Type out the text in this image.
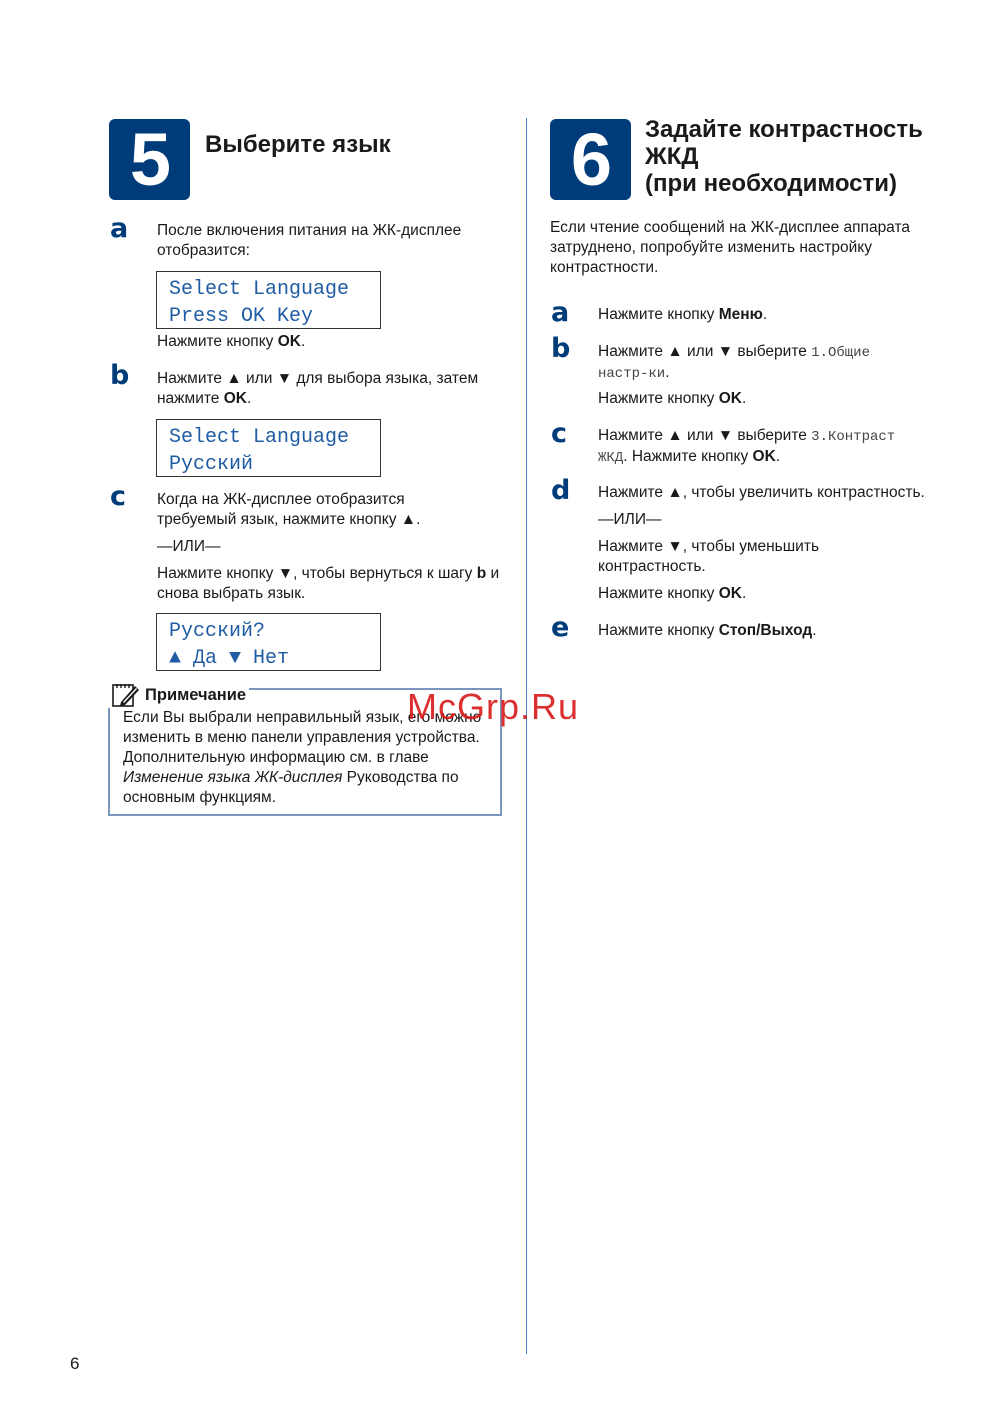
5	Выберите язык
a После включения питания на ЖК-дисплее отобразится:
Select Language
Press OK Key
Нажмите кнопку OK.
b Нажмите ▲ или ▼ для выбора языка, затем нажмите OK.
Select Language
Русский
c Когда на ЖК-дисплее отобразится требуемый язык, нажмите кнопку ▲.
—ИЛИ—
Нажмите кнопку ▼, чтобы вернуться к шагу b и снова выбрать язык.
Русский?
▲ Да ▼ Нет
Примечание
Если Вы выбрали неправильный язык, его можно изменить в меню панели управления устройства. Дополнительную информацию см. в главе Изменение языка ЖК-дисплея Руководства по основным функциям.
6	Задайте контрастность
ЖКД
(при необходимости)
Если чтение сообщений на ЖК-дисплее аппарата затруднено, попробуйте изменить настройку контрастности.
a Нажмите кнопку Меню.
b Нажмите ▲ или ▼ выберите 1.Общие настр-ки.
Нажмите кнопку OK.
c Нажмите ▲ или ▼ выберите 3.Контраст ЖКД. Нажмите кнопку OK.
d Нажмите ▲, чтобы увеличить контрастность.
—ИЛИ—
Нажмите ▼, чтобы уменьшить контрастность.
Нажмите кнопку OK.
e Нажмите кнопку Стоп/Выход.
McGrp.Ru
6
